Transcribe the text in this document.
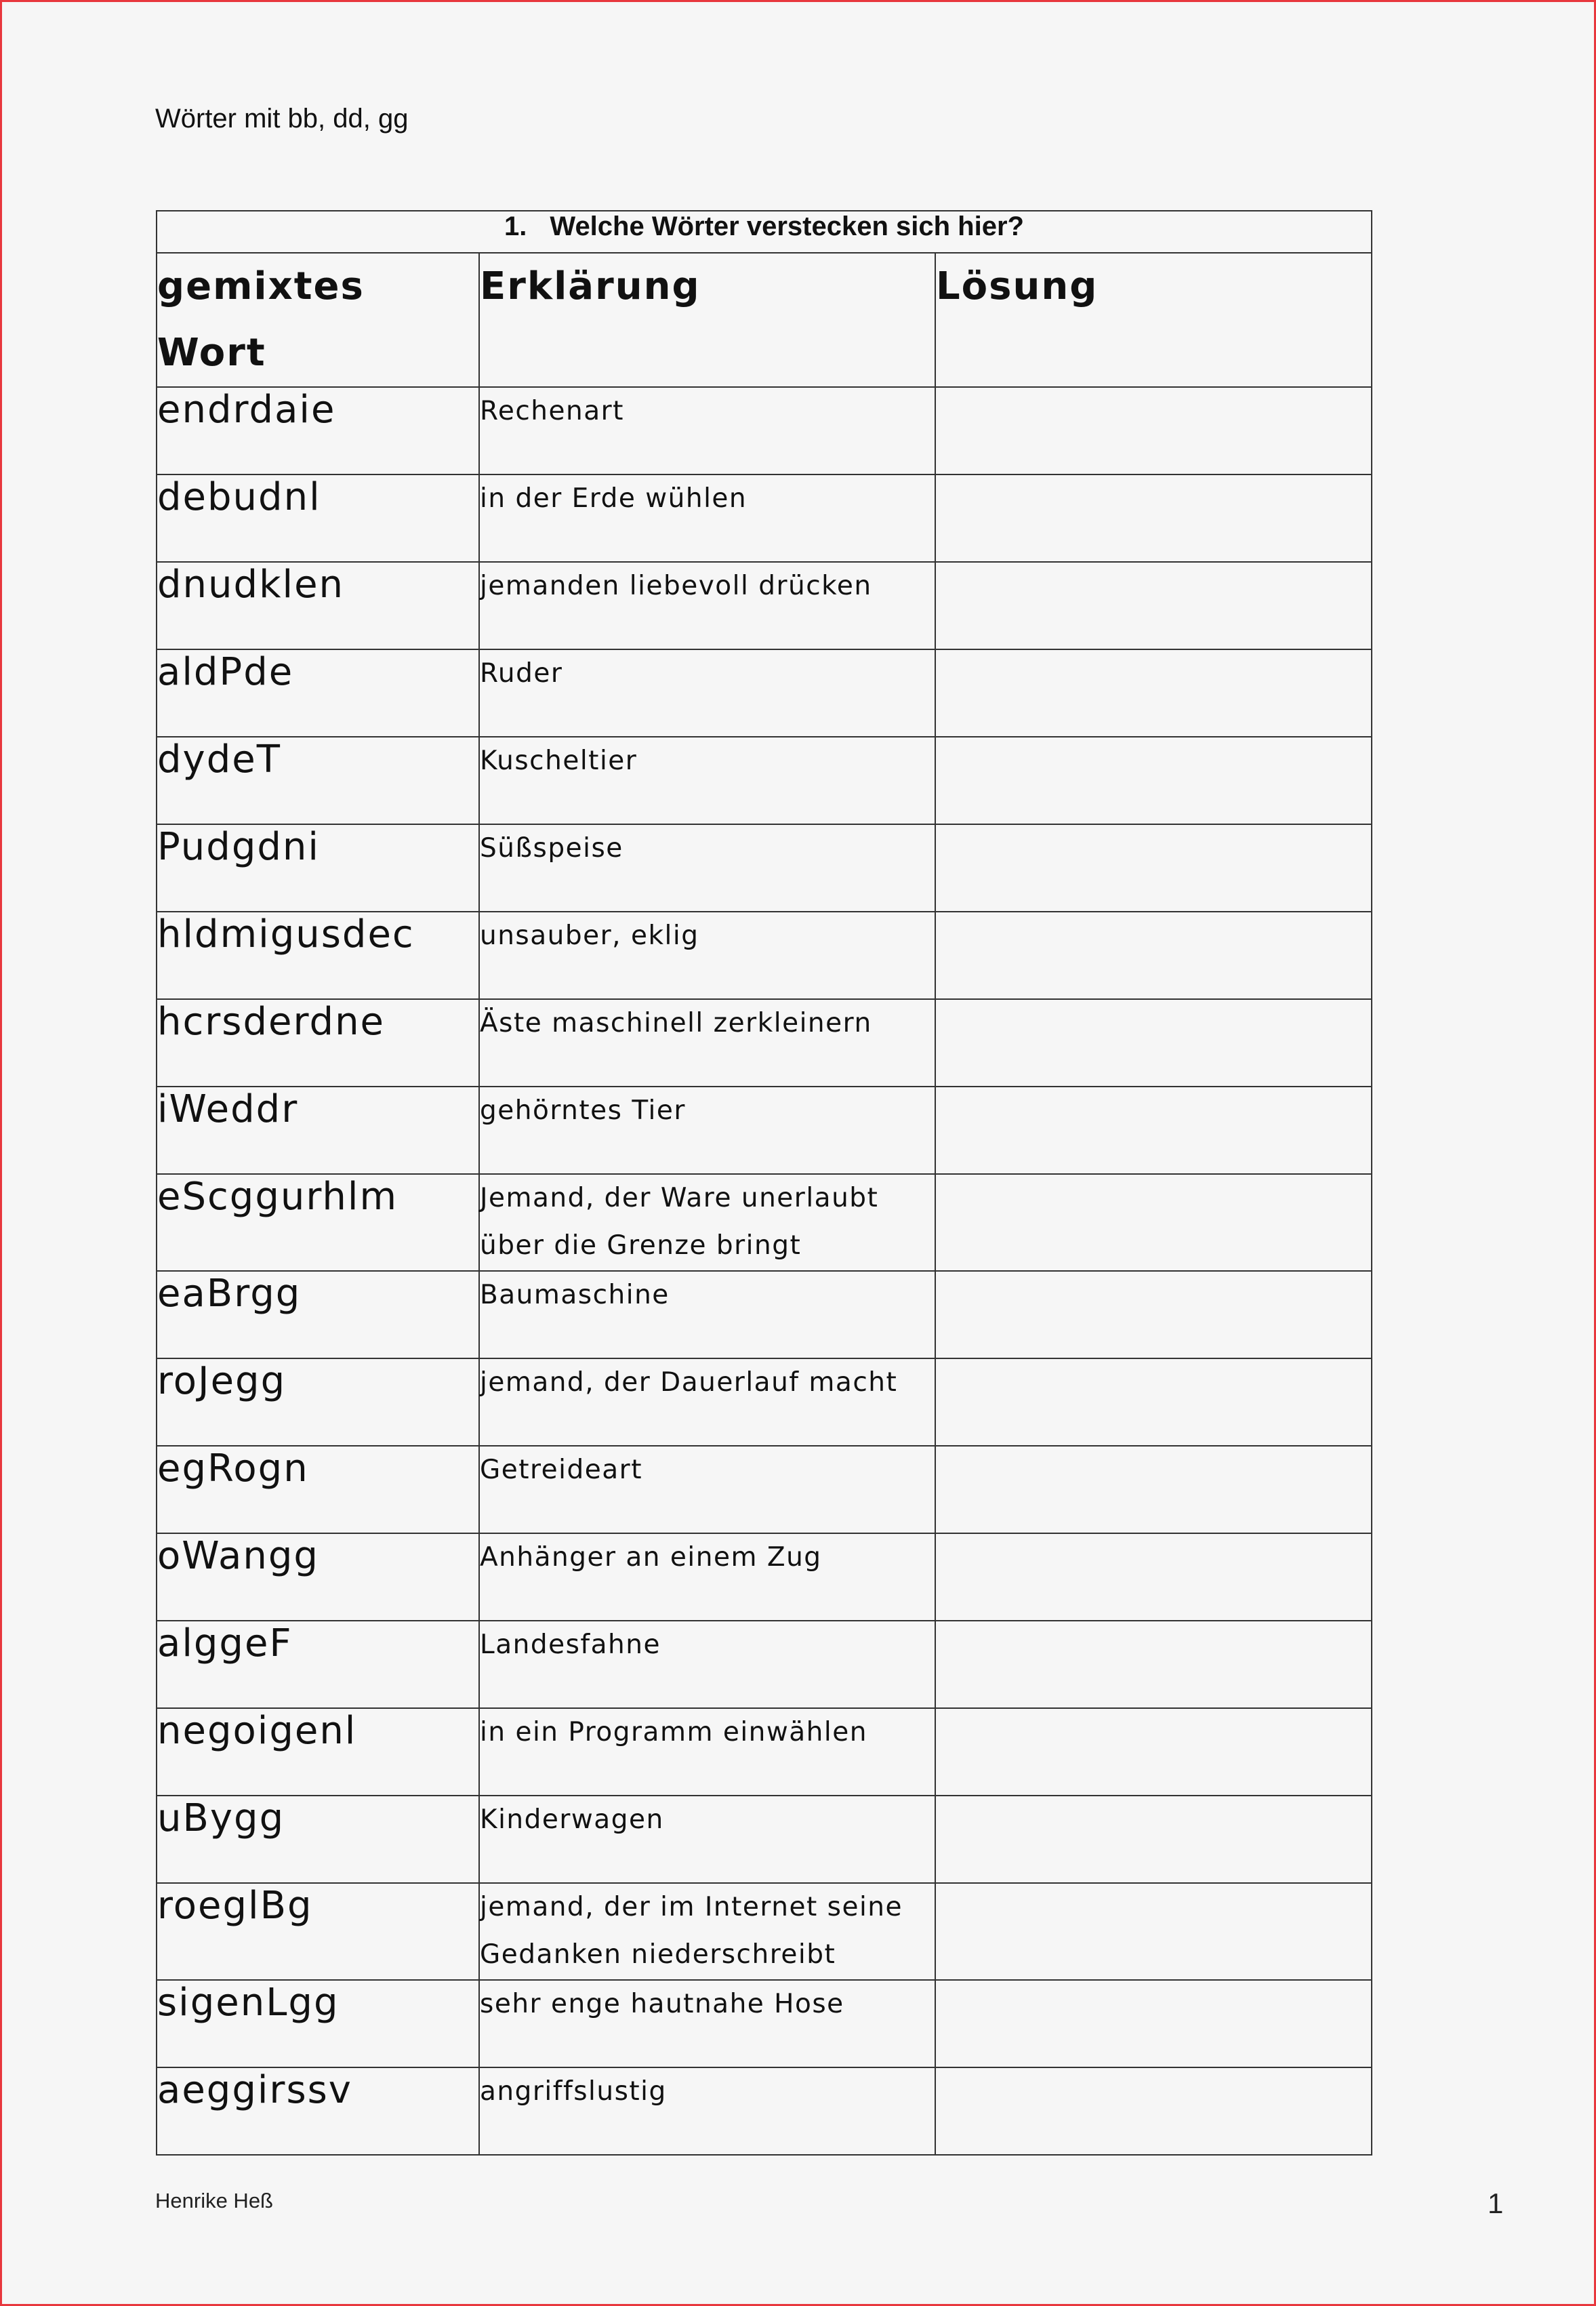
Wörter mit bb, dd, gg
1. Welche Wörter verstecken sich hier?		
gemixtes Wort	Erklärung	Lösung
endrdaie	Rechenart	
debudnl	in der Erde wühlen	
dnudklen	jemanden liebevoll drücken	
aldPde	Ruder	
dydeT	Kuscheltier	
Pudgdni	Süßspeise	
hldmigusdec	unsauber, eklig	
hcrsderdne	Äste maschinell zerkleinern	
iWeddr	gehörntes Tier	
eScggurhlm	Jemand, der Ware unerlaubt über die Grenze bringt	
eaBrgg	Baumaschine	
roJegg	jemand, der Dauerlauf macht	
egRogn	Getreideart	
oWangg	Anhänger an einem Zug	
alggeF	Landesfahne	
negoigenl	in ein Programm einwählen	
uBygg	Kinderwagen	
roeglBg	jemand, der im Internet seine Gedanken niederschreibt	
sigenLgg	sehr enge hautnahe Hose	
aeggirssv	angriffslustig	
Henrike Heß	1
